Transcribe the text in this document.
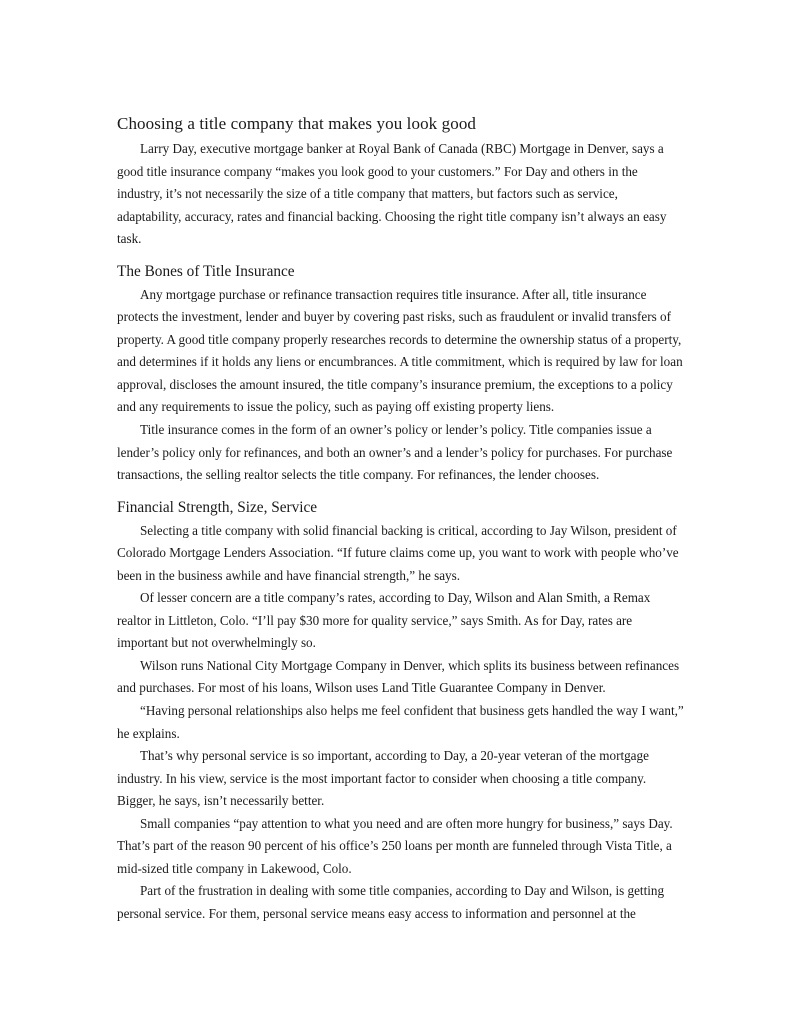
Choosing a title company that makes you look good

Larry Day, executive mortgage banker at Royal Bank of Canada (RBC) Mortgage in Denver, says a good title insurance company “makes you look good to your customers.” For Day and others in the industry, it’s not necessarily the size of a title company that matters, but factors such as service, adaptability, accuracy, rates and financial backing. Choosing the right title company isn’t always an easy task.

The Bones of Title Insurance

Any mortgage purchase or refinance transaction requires title insurance. After all, title insurance protects the investment, lender and buyer by covering past risks, such as fraudulent or invalid transfers of property. A good title company properly researches records to determine the ownership status of a property, and determines if it holds any liens or encumbrances. A title commitment, which is required by law for loan approval, discloses the amount insured, the title company’s insurance premium, the exceptions to a policy and any requirements to issue the policy, such as paying off existing property liens.

Title insurance comes in the form of an owner’s policy or lender’s policy. Title companies issue a lender’s policy only for refinances, and both an owner’s and a lender’s policy for purchases. For purchase transactions, the selling realtor selects the title company. For refinances, the lender chooses.

Financial Strength, Size, Service

Selecting a title company with solid financial backing is critical, according to Jay Wilson, president of Colorado Mortgage Lenders Association. “If future claims come up, you want to work with people who’ve been in the business awhile and have financial strength,” he says.

Of lesser concern are a title company’s rates, according to Day, Wilson and Alan Smith, a Remax realtor in Littleton, Colo. “I’ll pay $30 more for quality service,” says Smith. As for Day, rates are important but not overwhelmingly so.

Wilson runs National City Mortgage Company in Denver, which splits its business between refinances and purchases. For most of his loans, Wilson uses Land Title Guarantee Company in Denver.

“Having personal relationships also helps me feel confident that business gets handled the way I want,” he explains.

That’s why personal service is so important, according to Day, a 20-year veteran of the mortgage industry. In his view, service is the most important factor to consider when choosing a title company. Bigger, he says, isn’t necessarily better.

Small companies “pay attention to what you need and are often more hungry for business,” says Day. That’s part of the reason 90 percent of his office’s 250 loans per month are funneled through Vista Title, a mid-sized title company in Lakewood, Colo.

Part of the frustration in dealing with some title companies, according to Day and Wilson, is getting personal service. For them, personal service means easy access to information and personnel at the
